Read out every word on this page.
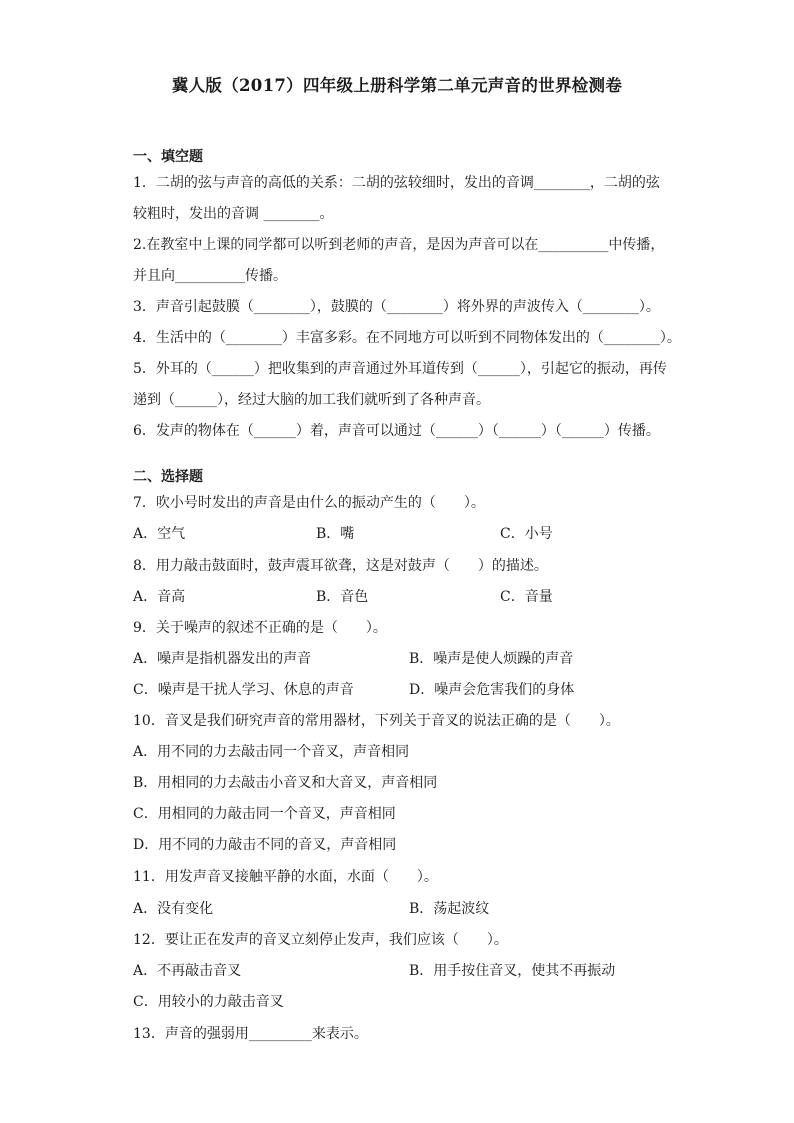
冀人版（2017）四年级上册科学第二单元声音的世界检测卷
一、填空题
1．二胡的弦与声音的高低的关系：二胡的弦较细时，发出的音调________，二胡的弦
较粗时，发出的音调 ________。
2.在教室中上课的同学都可以听到老师的声音，是因为声音可以在__________中传播，
并且向__________传播。
3．声音引起鼓膜（________），鼓膜的（________）将外界的声波传入（________）。
4．生活中的（________）丰富多彩。在不同地方可以听到不同物体发出的（________）。
5．外耳的（______）把收集到的声音通过外耳道传到（______），引起它的振动，再传
递到（______），经过大脑的加工我们就听到了各种声音。
6．发声的物体在（______）着，声音可以通过（______）（______）（______）传播。
二、选择题
7．吹小号时发出的声音是由什么的振动产生的（　　）。
A．空气	B．嘴	C．小号
8．用力敲击鼓面时，鼓声震耳欲聋，这是对鼓声（　　）的描述。
A．音高	B．音色	C．音量
9．关于噪声的叙述不正确的是（　　）。
A．噪声是指机器发出的声音	B．噪声是使人烦躁的声音
C．噪声是干扰人学习、休息的声音	D．噪声会危害我们的身体
10．音叉是我们研究声音的常用器材，下列关于音叉的说法正确的是（　　）。
A．用不同的力去敲击同一个音叉，声音相同
B．用相同的力去敲击小音叉和大音叉，声音相同
C．用相同的力敲击同一个音叉，声音相同
D．用不同的力敲击不同的音叉，声音相同
11．用发声音叉接触平静的水面，水面（　　）。
A．没有变化	B．荡起波纹
12．要让正在发声的音叉立刻停止发声，我们应该（　　）。
A．不再敲击音叉	B．用手按住音叉，使其不再振动
C．用较小的力敲击音叉
13．声音的强弱用_________来表示。
